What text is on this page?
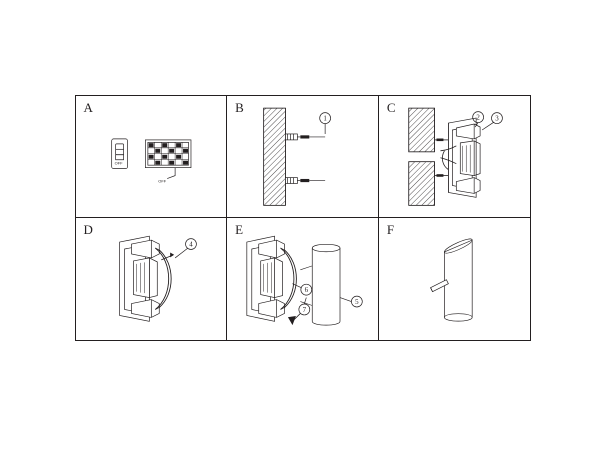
A
OFF
OFF
B
1
C
2 3
D
4
E
6
7
5
F
